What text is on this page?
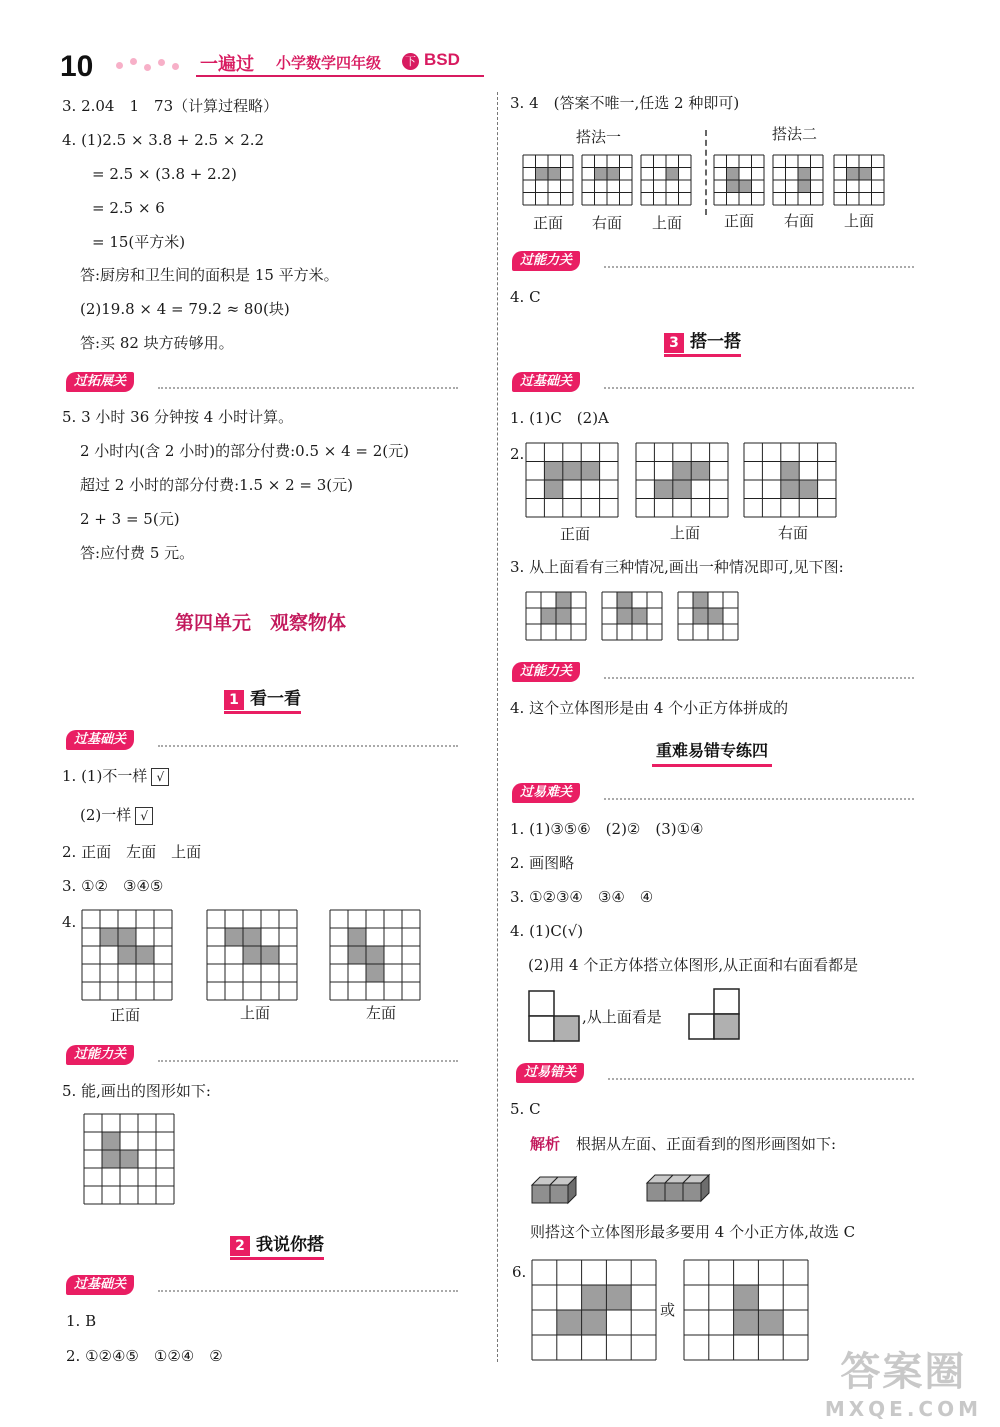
10	一遍过 小学数学四年级 下 BSD
3. 2.04　1　73（计算过程略）
4. (1)2.5 × 3.8 + 2.5 × 2.2
= 2.5 × (3.8 + 2.2)
= 2.5 × 6
= 15(平方米)
答:厨房和卫生间的面积是 15 平方米。
(2)19.8 × 4 = 79.2 ≈ 80(块)
答:买 82 块方砖够用。
过拓展关
5. 3 小时 36 分钟按 4 小时计算。
2 小时内(含 2 小时)的部分付费:0.5 × 4 = 2(元)
超过 2 小时的部分付费:1.5 × 2 = 3(元)
2 + 3 = 5(元)
答:应付费 5 元。
第四单元　观察物体
1 看一看
过基础关
1. (1)不一样 √
(2)一样 √
2. 正面　左面　上面
3. ①②　③④⑤
4.
正面	上面	左面
过能力关
5. 能,画出的图形如下:
2 我说你搭
过基础关
1. B
2. ①②④⑤　①②④　②
3. 4　(答案不唯一,任选 2 种即可)
搭法一	搭法二
正面 右面 上面	正面 右面 上面
过能力关
4. C
3 搭一搭
过基础关
1. (1)C　(2)A
2.
正面	上面	右面
3. 从上面看有三种情况,画出一种情况即可,见下图:
过能力关
4. 这个立体图形是由 4 个小正方体拼成的
重难易错专练四
过易难关
1. (1)③⑤⑥　(2)②　(3)①④
2. 画图略
3. ①②③④　③④　④
4. (1)C(√)
(2)用 4 个正方体搭立体图形,从正面和右面看都是
,从上面看是
过易错关
5. C
解析 根据从左面、正面看到的图形画图如下:
则搭这个立体图形最多要用 4 个小正方体,故选 C
6.
或
答案圈
MXQE.COM
